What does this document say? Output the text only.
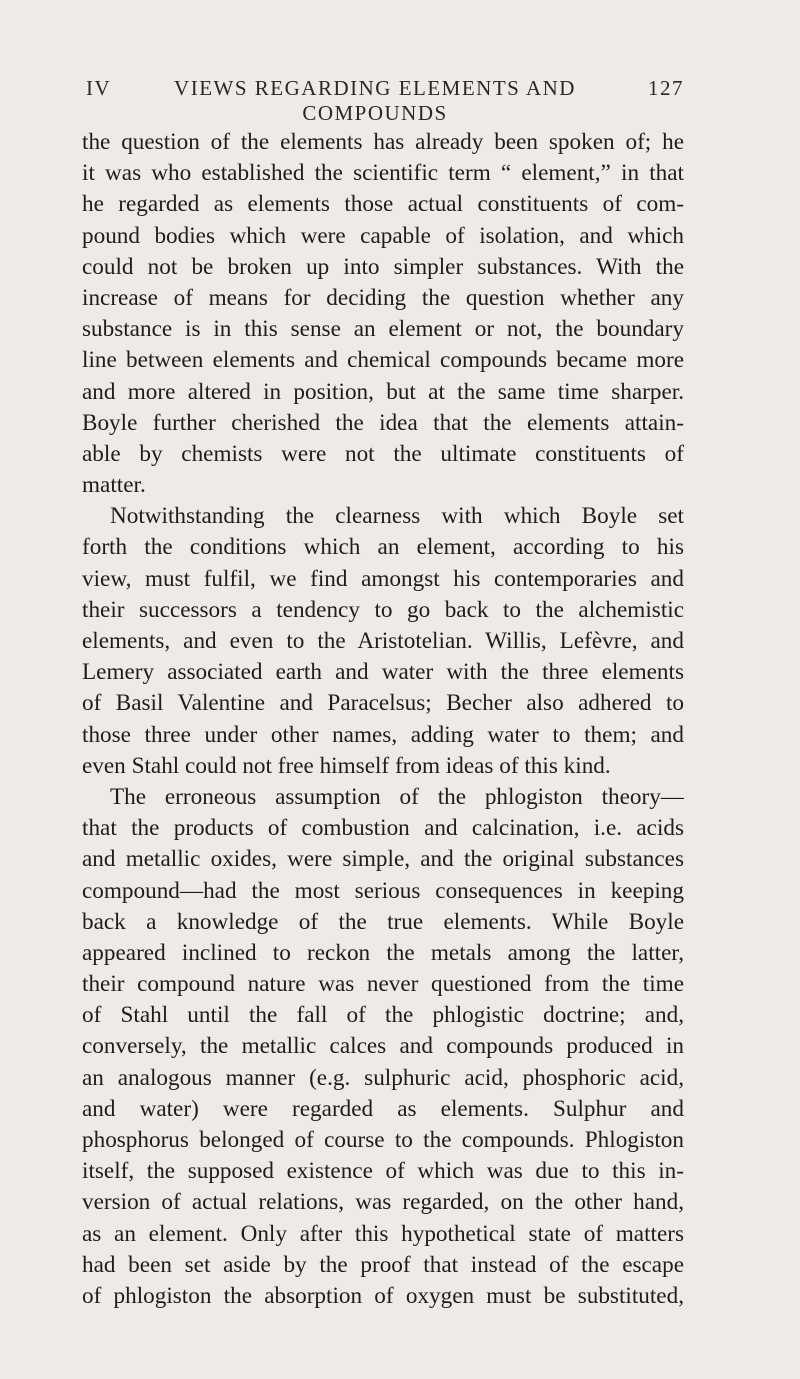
IV	VIEWS REGARDING ELEMENTS AND COMPOUNDS
127
the question of the elements has already been spoken of; he
it was who established the scientific term “ element,” in that
he regarded as elements those actual constituents of com-
pound bodies which were capable of isolation, and which
could not be broken up into simpler substances. With the
increase of means for deciding the question whether any
substance is in this sense an element or not, the boundary
line between elements and chemical compounds became more
and more altered in position, but at the same time sharper.
Boyle further cherished the idea that the elements attain-
able by chemists were not the ultimate constituents of
matter.
Notwithstanding the clearness with which Boyle set
forth the conditions which an element, according to his
view, must fulfil, we find amongst his contemporaries and
their successors a tendency to go back to the alchemistic
elements, and even to the Aristotelian. Willis, Lefèvre, and
Lemery associated earth and water with the three elements
of Basil Valentine and Paracelsus; Becher also adhered to
those three under other names, adding water to them; and
even Stahl could not free himself from ideas of this kind.
The erroneous assumption of the phlogiston theory—
that the products of combustion and calcination, i.e. acids
and metallic oxides, were simple, and the original substances
compound—had the most serious consequences in keeping
back a knowledge of the true elements. While Boyle
appeared inclined to reckon the metals among the latter,
their compound nature was never questioned from the time
of Stahl until the fall of the phlogistic doctrine; and,
conversely, the metallic calces and compounds produced in
an analogous manner (e.g. sulphuric acid, phosphoric acid,
and water) were regarded as elements. Sulphur and
phosphorus belonged of course to the compounds. Phlogiston
itself, the supposed existence of which was due to this in-
version of actual relations, was regarded, on the other hand,
as an element. Only after this hypothetical state of matters
had been set aside by the proof that instead of the escape
of phlogiston the absorption of oxygen must be substituted,
